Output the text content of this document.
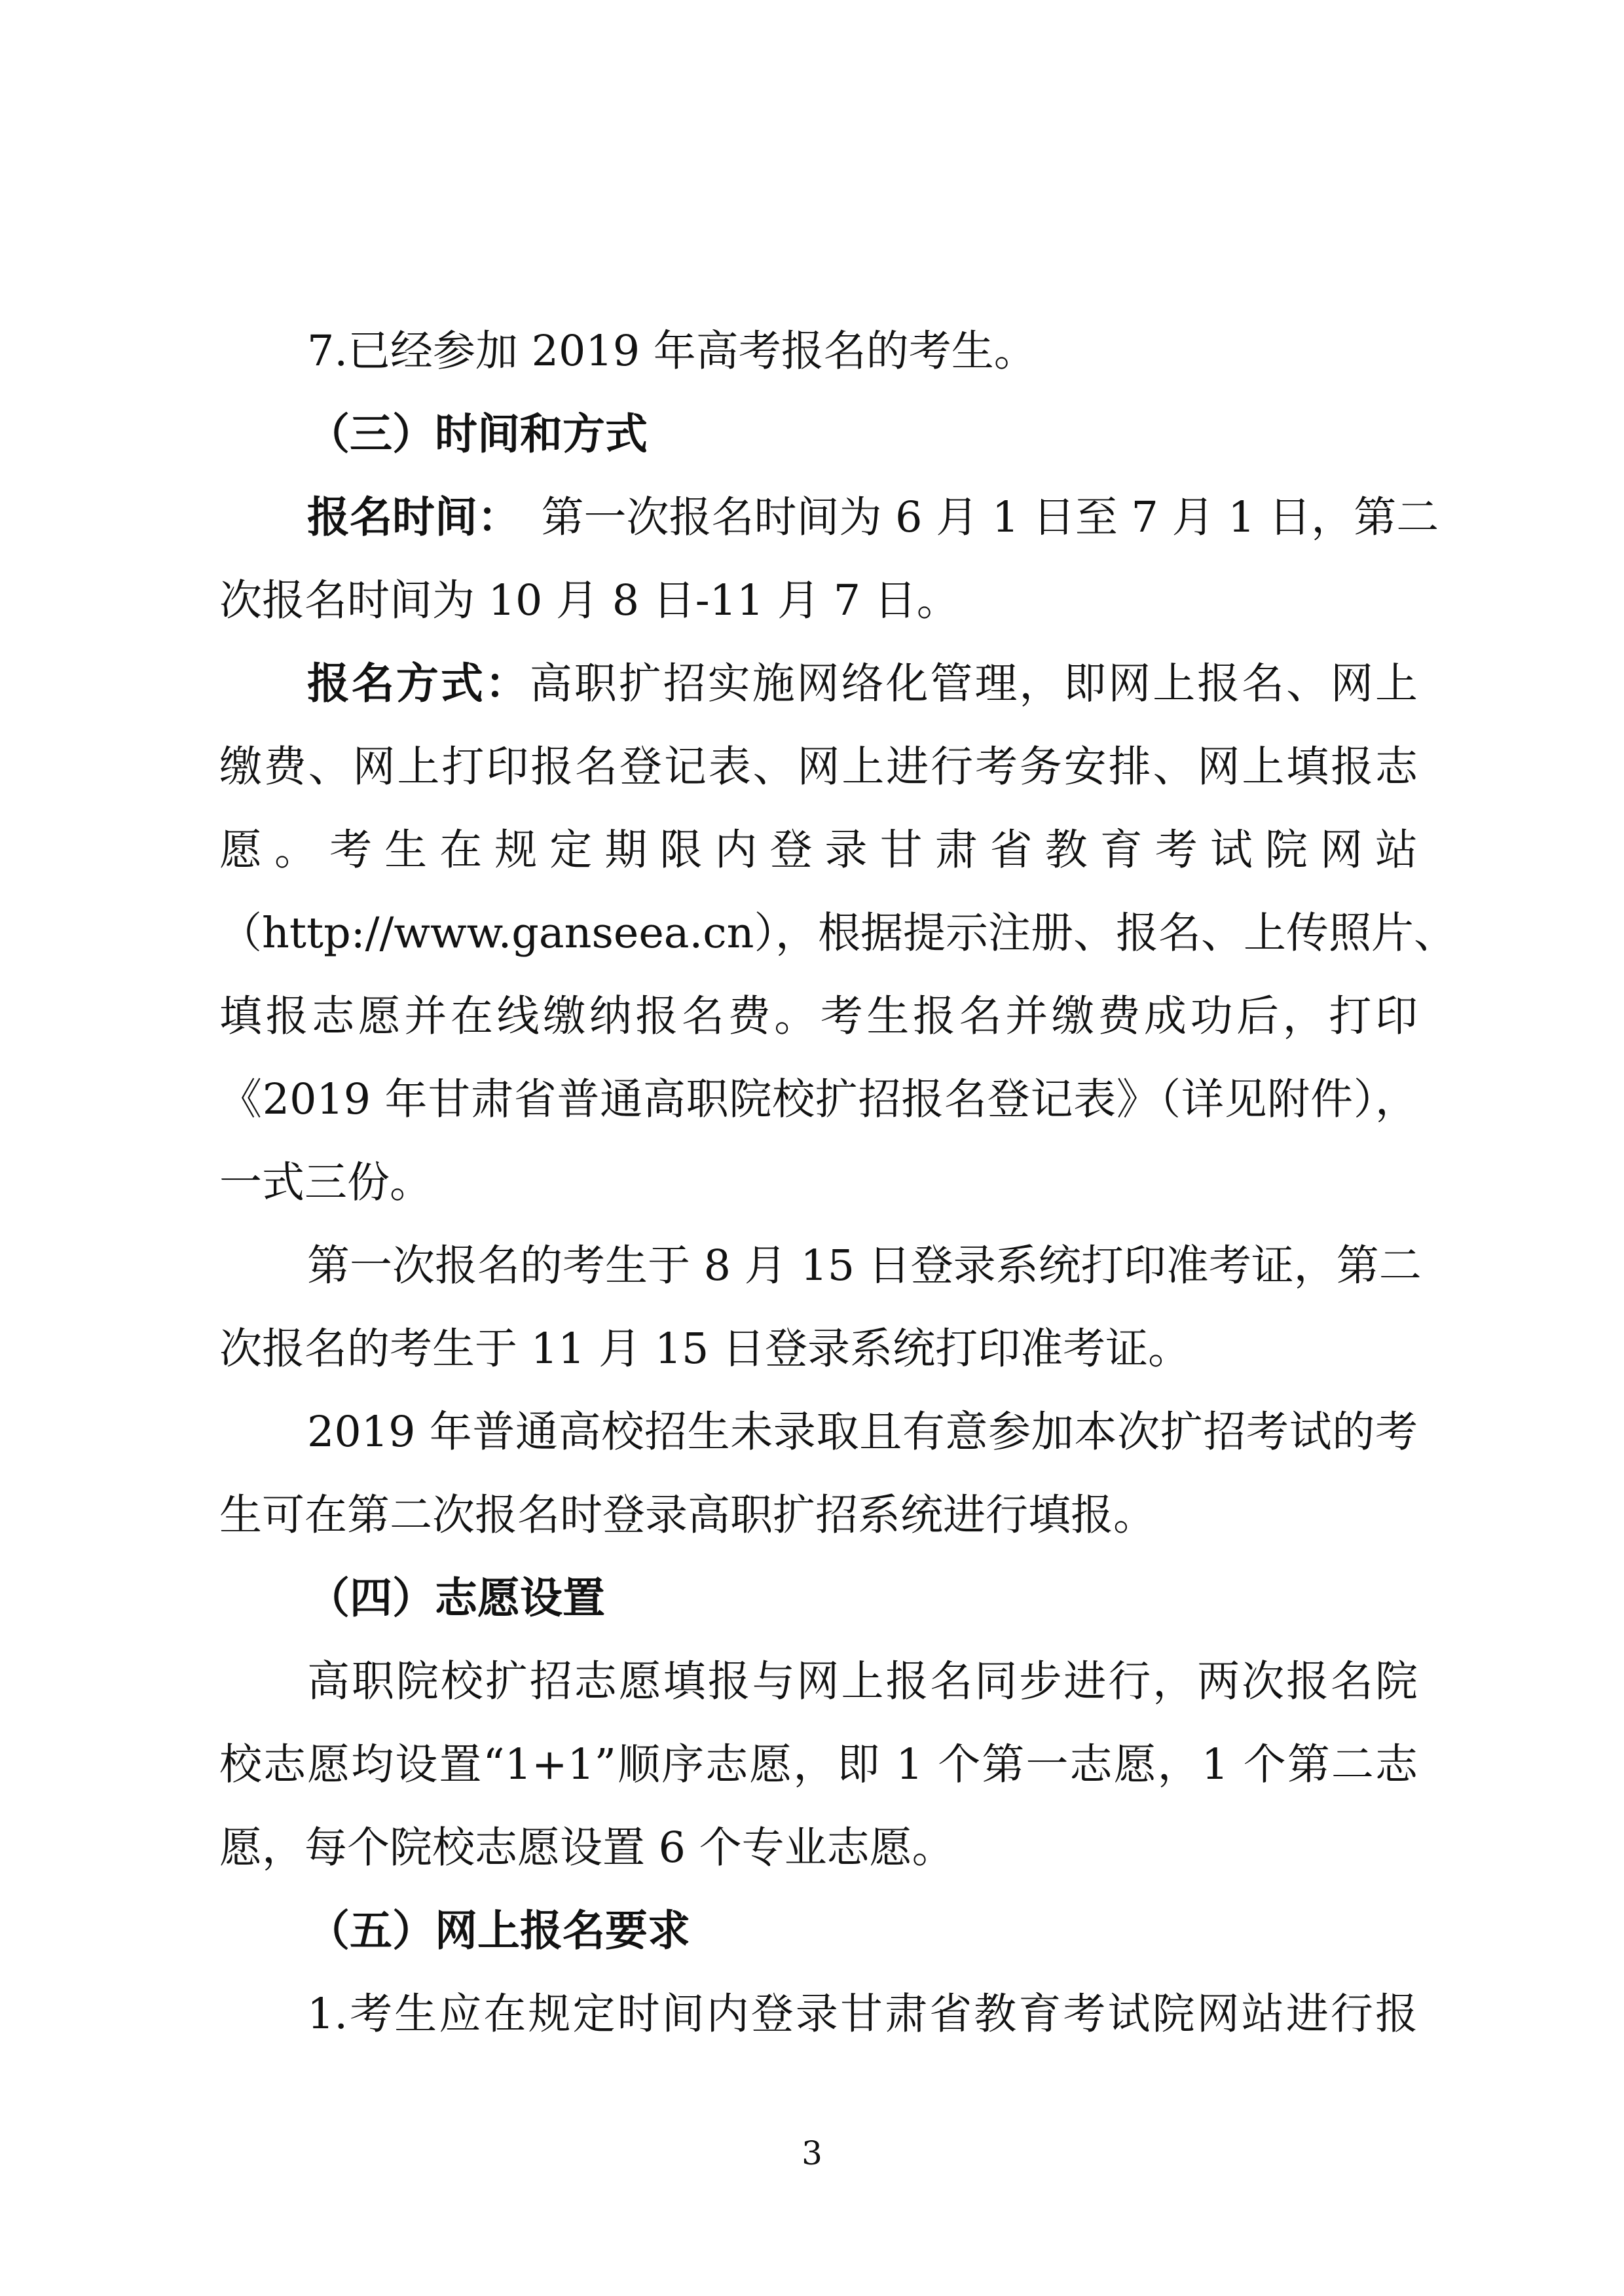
7.已经参加 2019 年高考报名的考生。
（三）时间和方式
报名时间：　第一次报名时间为 6 月 1 日至 7 月 1 日，第二
次报名时间为 10 月 8 日-11 月 7 日。
报名方式：高职扩招实施网络化管理，即网上报名、网上
缴费、网上打印报名登记表、网上进行考务安排、网上填报志
愿。考生在规定期限内登录甘肃省教育考试院网站
（http://www.ganseea.cn），根据提示注册、报名、上传照片、
填报志愿并在线缴纳报名费。考生报名并缴费成功后，打印
《2019 年甘肃省普通高职院校扩招报名登记表》（详见附件），
一式三份。
第一次报名的考生于 8 月 15 日登录系统打印准考证，第二
次报名的考生于 11 月 15 日登录系统打印准考证。
2019 年普通高校招生未录取且有意参加本次扩招考试的考
生可在第二次报名时登录高职扩招系统进行填报。
（四）志愿设置
高职院校扩招志愿填报与网上报名同步进行，两次报名院
校志愿均设置“1+1”顺序志愿，即 1 个第一志愿，1 个第二志
愿，每个院校志愿设置 6 个专业志愿。
（五）网上报名要求
1.考生应在规定时间内登录甘肃省教育考试院网站进行报
3
